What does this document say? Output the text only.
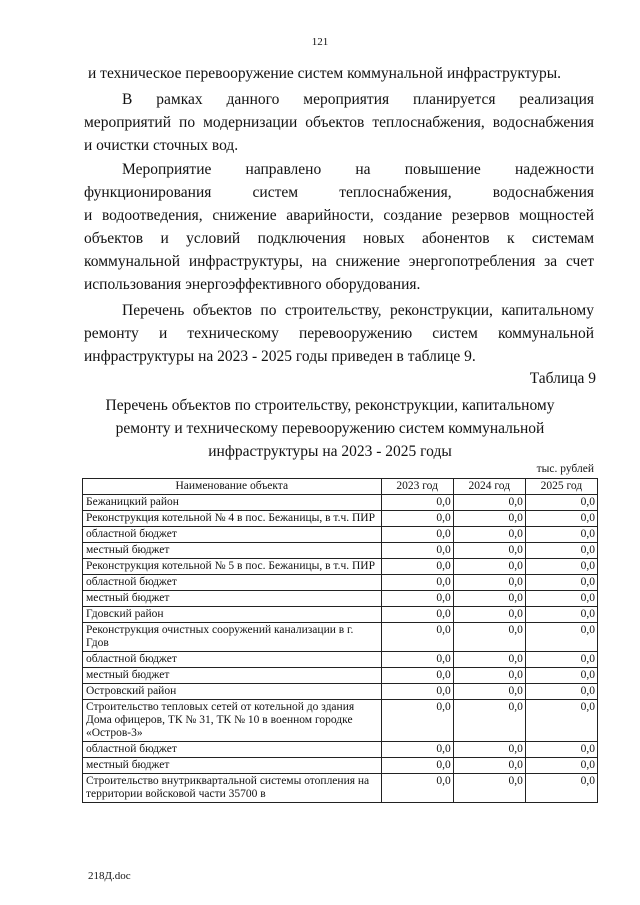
121

и техническое перевооружение систем коммунальной инфраструктуры.

В рамках данного мероприятия планируется реализация
мероприятий по модернизации объектов теплоснабжения, водоснабжения
и очистки сточных вод.

Мероприятие направлено на повышение надежности
функционирования систем теплоснабжения, водоснабжения
и водоотведения, снижение аварийности, создание резервов мощностей
объектов и условий подключения новых абонентов к системам
коммунальной инфраструктуры, на снижение энергопотребления за счет
использования энергоэффективного оборудования.

Перечень объектов по строительству, реконструкции, капитальному
ремонту и техническому перевооружению систем коммунальной
инфраструктуры на 2023 - 2025 годы приведен в таблице 9.

Таблица 9
Перечень объектов по строительству, реконструкции, капитальному
ремонту и техническому перевооружению систем коммунальной
инфраструктуры на 2023 - 2025 годы
тыс. рублей
Наименование объекта	2023 год	2024 год	2025 год
Бежаницкий район	0,0	0,0	0,0
Реконструкция котельной № 4 в пос. Бежаницы, в т.ч. ПИР	0,0	0,0	0,0
областной бюджет	0,0	0,0	0,0
местный бюджет	0,0	0,0	0,0
Реконструкция котельной № 5 в пос. Бежаницы, в т.ч. ПИР	0,0	0,0	0,0
областной бюджет	0,0	0,0	0,0
местный бюджет	0,0	0,0	0,0
Гдовский район	0,0	0,0	0,0
Реконструкция очистных сооружений канализации в г. Гдов	0,0	0,0	0,0
областной бюджет	0,0	0,0	0,0
местный бюджет	0,0	0,0	0,0
Островский район	0,0	0,0	0,0
Строительство тепловых сетей от котельной до здания Дома офицеров, ТК № 31, ТК № 10 в военном городке «Остров-3»	0,0	0,0	0,0
областной бюджет	0,0	0,0	0,0
местный бюджет	0,0	0,0	0,0
Строительство внутриквартальной системы отопления на территории войсковой части 35700 в	0,0	0,0	0,0
218Д.doc
